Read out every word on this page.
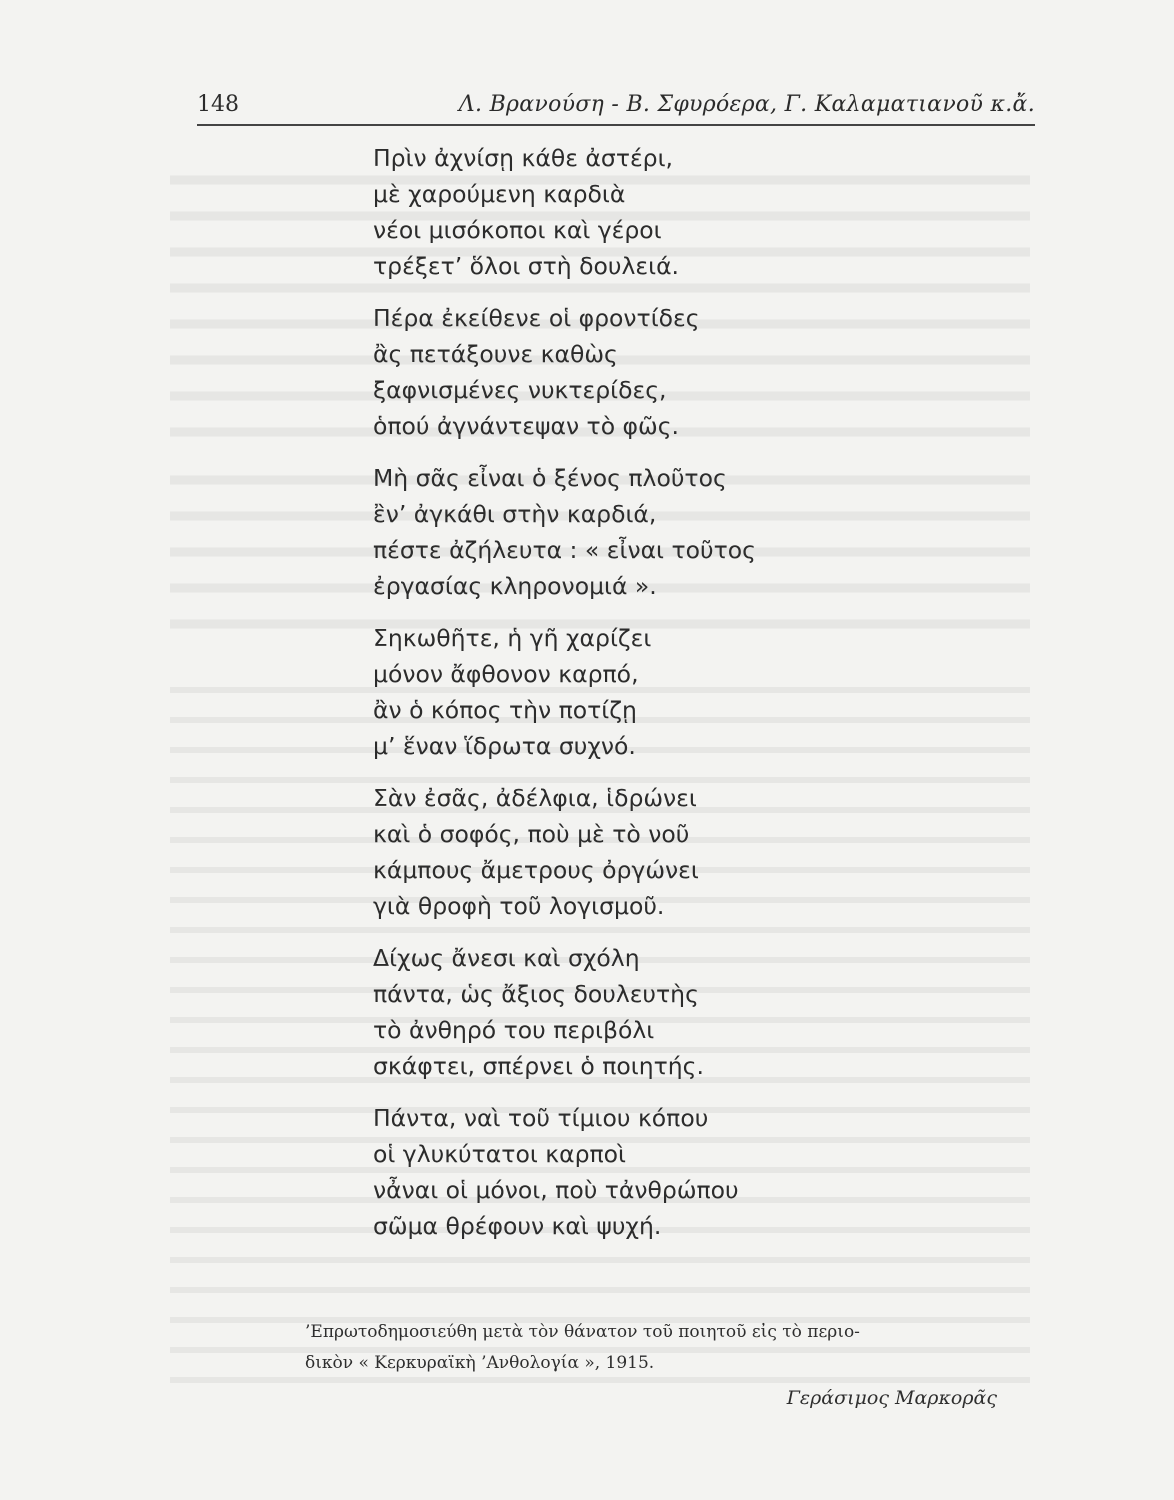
148	Λ. Βρανούση - Β. Σφυρόερα, Γ. Καλαματιανοῦ κ.ἄ.
Πρὶν ἀχνίσῃ κάθε ἀστέρι,
μὲ χαρούμενη καρδιὰ
νέοι μισόκοποι καὶ γέροι
τρέξετ’ ὅλοι στὴ δουλειά.
Πέρα ἐκείθενε οἱ φροντίδες
ἂς πετάξουνε καθὼς
ξαφνισμένες νυκτερίδες,
ὁπού ἀγνάντεψαν τὸ φῶς.
Μὴ σᾶς εἶναι ὁ ξένος πλοῦτος
ἒν’ ἀγκάθι στὴν καρδιά,
πέστε ἀζήλευτα : « εἶναι τοῦτος
ἐργασίας κληρονομιά ».
Σηκωθῆτε, ἡ γῆ χαρίζει
μόνον ἄφθονον καρπό,
ἂν ὁ κόπος τὴν ποτίζῃ
μ’ ἕναν ἵδρωτα συχνό.
Σὰν ἐσᾶς, ἀδέλφια, ἱδρώνει
καὶ ὁ σοφός, ποὺ μὲ τὸ νοῦ
κάμπους ἄμετρους ὀργώνει
γιὰ θροφὴ τοῦ λογισμοῦ.
Δίχως ἄνεσι καὶ σχόλη
πάντα, ὡς ἄξιος δουλευτὴς
τὸ ἀνθηρό του περιβόλι
σκάφτει, σπέρνει ὁ ποιητής.
Πάντα, ναὶ τοῦ τίμιου κόπου
οἱ γλυκύτατοι καρποὶ
νἆναι οἱ μόνοι, ποὺ τἀνθρώπου
σῶμα θρέφουν καὶ ψυχή.
’Επρωτοδημοσιεύθη μετὰ τὸν θάνατον τοῦ ποιητοῦ εἰς τὸ περιο-
δικὸν « Κερκυραϊκὴ ’Ανθολογία », 1915.
Γεράσιμος Μαρκορᾶς
